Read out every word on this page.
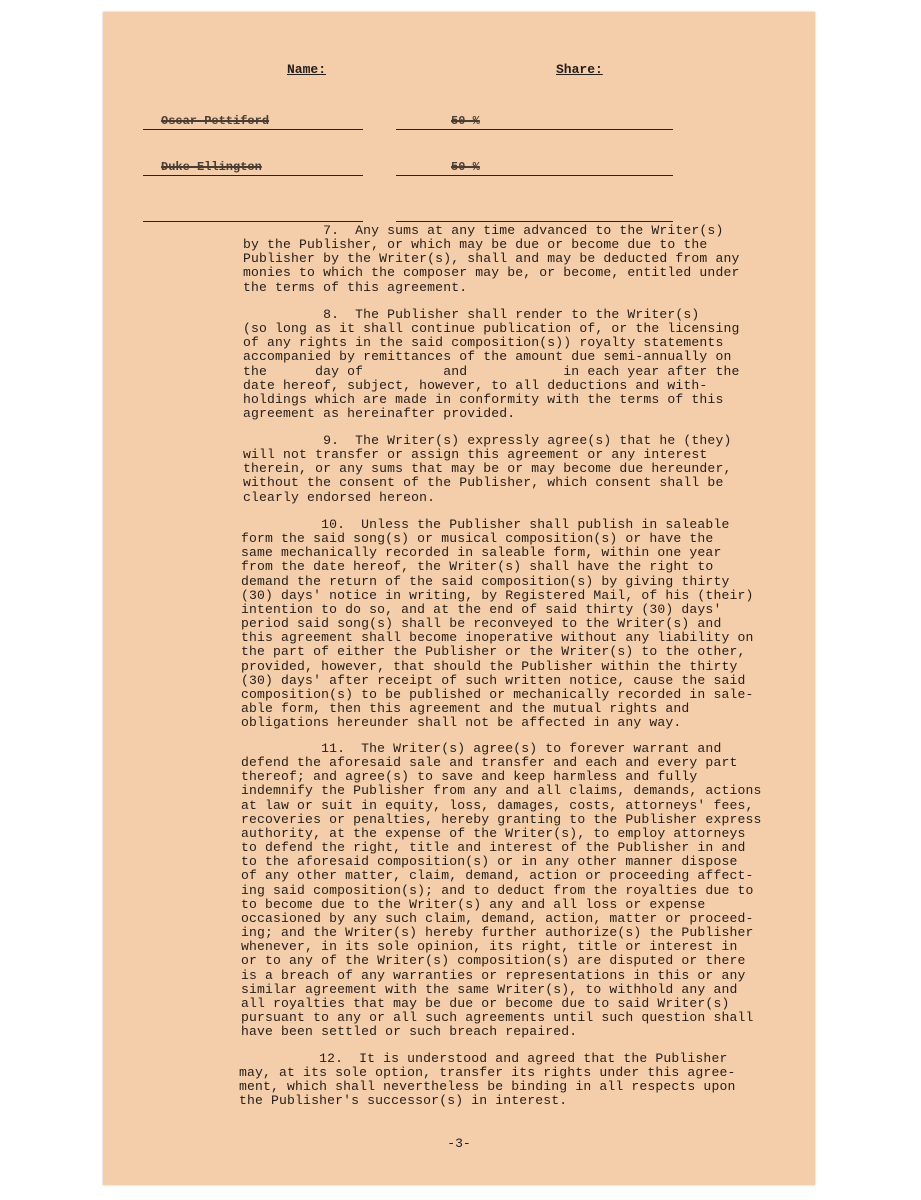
Name:	Share:
Oscar Pettiford	50 %
Duke Ellington	50 %
7.  Any sums at any time advanced to the Writer(s)
by the Publisher, or which may be due or become due to the
Publisher by the Writer(s), shall and may be deducted from any
monies to which the composer may be, or become, entitled under
the terms of this agreement.
8.  The Publisher shall render to the Writer(s)
(so long as it shall continue publication of, or the licensing
of any rights in the said composition(s)) royalty statements
accompanied by remittances of the amount due semi-annually on
the      day of          and            in each year after the
date hereof, subject, however, to all deductions and with-
holdings which are made in conformity with the terms of this
agreement as hereinafter provided.
9.  The Writer(s) expressly agree(s) that he (they)
will not transfer or assign this agreement or any interest
therein, or any sums that may be or may become due hereunder,
without the consent of the Publisher, which consent shall be
clearly endorsed hereon.
10.  Unless the Publisher shall publish in saleable
form the said song(s) or musical composition(s) or have the
same mechanically recorded in saleable form, within one year
from the date hereof, the Writer(s) shall have the right to
demand the return of the said composition(s) by giving thirty
(30) days' notice in writing, by Registered Mail, of his (their)
intention to do so, and at the end of said thirty (30) days'
period said song(s) shall be reconveyed to the Writer(s) and
this agreement shall become inoperative without any liability on
the part of either the Publisher or the Writer(s) to the other,
provided, however, that should the Publisher within the thirty
(30) days' after receipt of such written notice, cause the said
composition(s) to be published or mechanically recorded in sale-
able form, then this agreement and the mutual rights and
obligations hereunder shall not be affected in any way.
11.  The Writer(s) agree(s) to forever warrant and
defend the aforesaid sale and transfer and each and every part
thereof; and agree(s) to save and keep harmless and fully
indemnify the Publisher from any and all claims, demands, actions
at law or suit in equity, loss, damages, costs, attorneys' fees,
recoveries or penalties, hereby granting to the Publisher express
authority, at the expense of the Writer(s), to employ attorneys
to defend the right, title and interest of the Publisher in and
to the aforesaid composition(s) or in any other manner dispose
of any other matter, claim, demand, action or proceeding affect-
ing said composition(s); and to deduct from the royalties due to
to become due to the Writer(s) any and all loss or expense
occasioned by any such claim, demand, action, matter or proceed-
ing; and the Writer(s) hereby further authorize(s) the Publisher
whenever, in its sole opinion, its right, title or interest in
or to any of the Writer(s) composition(s) are disputed or there
is a breach of any warranties or representations in this or any
similar agreement with the same Writer(s), to withhold any and
all royalties that may be due or become due to said Writer(s)
pursuant to any or all such agreements until such question shall
have been settled or such breach repaired.
12.  It is understood and agreed that the Publisher
may, at its sole option, transfer its rights under this agree-
ment, which shall nevertheless be binding in all respects upon
the Publisher's successor(s) in interest.
-3-
